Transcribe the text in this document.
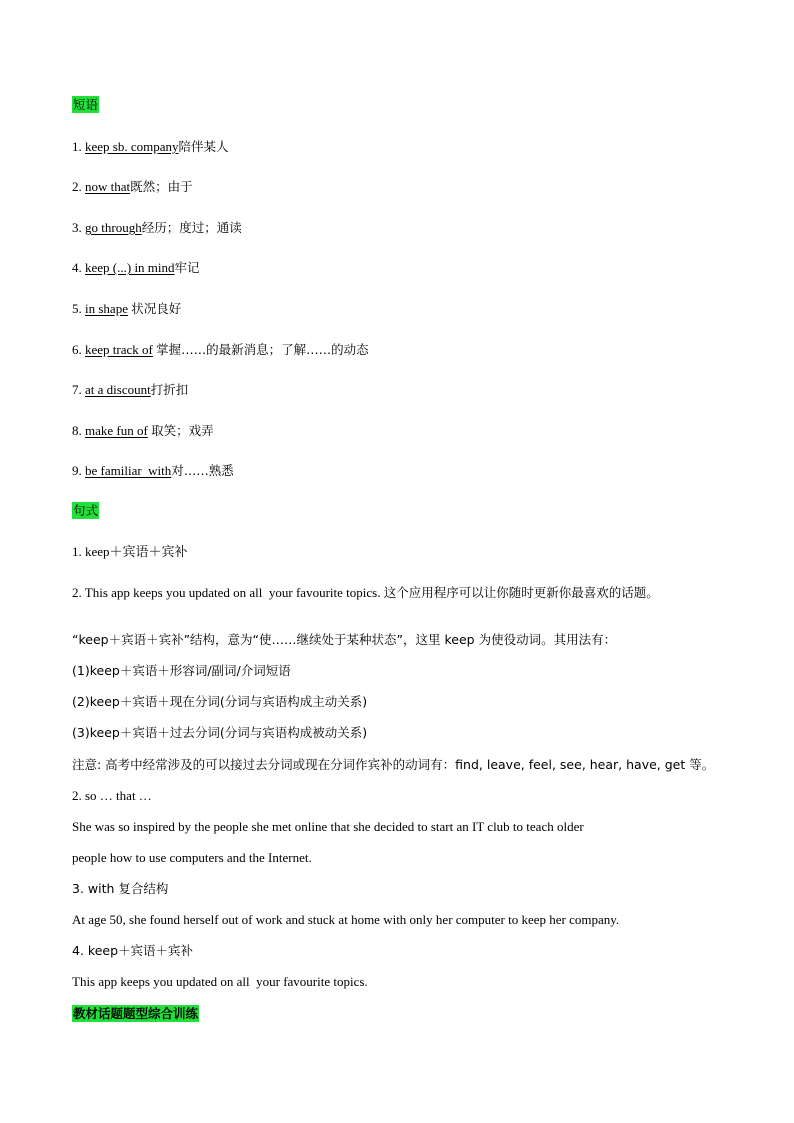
短语
1. keep sb. company陪伴某人
2. now that既然；由于
3. go through经历；度过；通读
4. keep (...) in mind牢记
5. in shape 状况良好
6. keep track of 掌握……的最新消息；了解……的动态
7. at a discount打折扣
8. make fun of 取笑；戏弄
9. be familiar  with对……熟悉
句式
1. keep＋宾语＋宾补
2. This app keeps you updated on all  your favourite topics. 这个应用程序可以让你随时更新你最喜欢的话题。
“keep＋宾语＋宾补”结构，意为“使……继续处于某种状态”，这里 keep 为使役动词。其用法有：
(1)keep＋宾语＋形容词/副词/介词短语
(2)keep＋宾语＋现在分词(分词与宾语构成主动关系)
(3)keep＋宾语＋过去分词(分词与宾语构成被动关系)
注意: 高考中经常涉及的可以接过去分词或现在分词作宾补的动词有：find, leave, feel, see, hear, have, get 等。
2. so … that …
She was so inspired by the people she met online that she decided to start an IT club to teach older
people how to use computers and the Internet.
3. with 复合结构
At age 50, she found herself out of work and stuck at home with only her computer to keep her company.
4. keep＋宾语＋宾补
This app keeps you updated on all  your favourite topics.
教材话题题型综合训练
